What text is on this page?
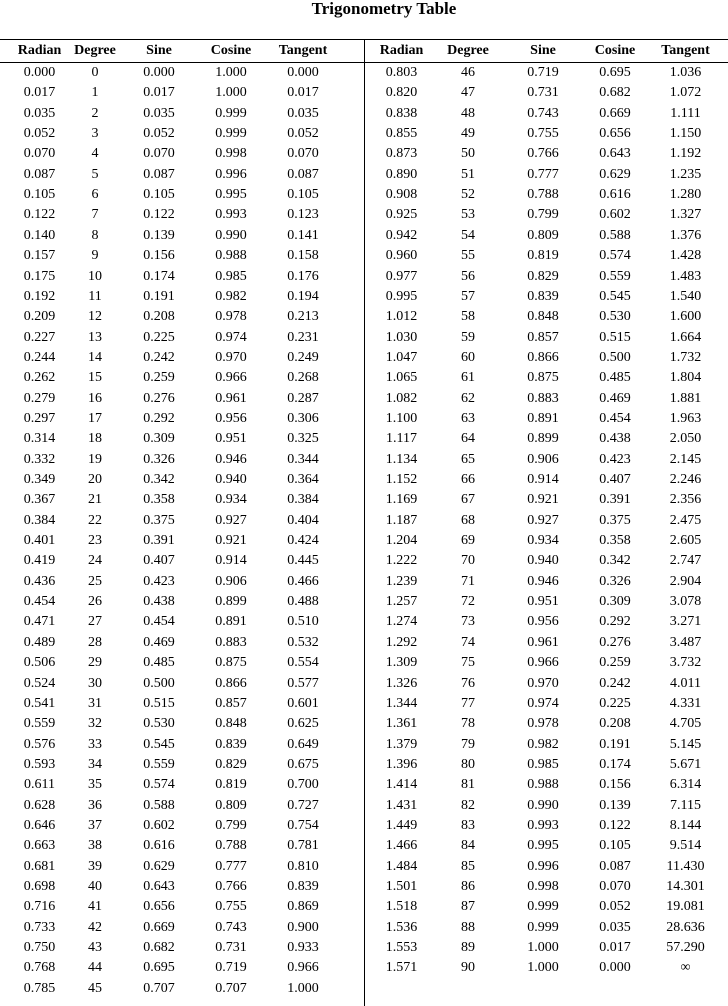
Trigonometry Table
Radian Degree	Sine	Cosine	Tangent	Radian	Degree	Sine	Cosine	Tangent
0.000	0	0.000	1.000	0.000
0.017	1	0.017	1.000	0.017
0.035	2	0.035	0.999	0.035
0.052	3	0.052	0.999	0.052
0.070	4	0.070	0.998	0.070
0.087	5	0.087	0.996	0.087
0.105	6	0.105	0.995	0.105
0.122	7	0.122	0.993	0.123
0.140	8	0.139	0.990	0.141
0.157	9	0.156	0.988	0.158
0.175	10	0.174	0.985	0.176
0.192	11	0.191	0.982	0.194
0.209	12	0.208	0.978	0.213
0.227	13	0.225	0.974	0.231
0.244	14	0.242	0.970	0.249
0.262	15	0.259	0.966	0.268
0.279	16	0.276	0.961	0.287
0.297	17	0.292	0.956	0.306
0.314	18	0.309	0.951	0.325
0.332	19	0.326	0.946	0.344
0.349	20	0.342	0.940	0.364
0.367	21	0.358	0.934	0.384
0.384	22	0.375	0.927	0.404
0.401	23	0.391	0.921	0.424
0.419	24	0.407	0.914	0.445
0.436	25	0.423	0.906	0.466
0.454	26	0.438	0.899	0.488
0.471	27	0.454	0.891	0.510
0.489	28	0.469	0.883	0.532
0.506	29	0.485	0.875	0.554
0.524	30	0.500	0.866	0.577
0.541	31	0.515	0.857	0.601
0.559	32	0.530	0.848	0.625
0.576	33	0.545	0.839	0.649
0.593	34	0.559	0.829	0.675
0.611	35	0.574	0.819	0.700
0.628	36	0.588	0.809	0.727
0.646	37	0.602	0.799	0.754
0.663	38	0.616	0.788	0.781
0.681	39	0.629	0.777	0.810
0.698	40	0.643	0.766	0.839
0.716	41	0.656	0.755	0.869
0.733	42	0.669	0.743	0.900
0.750	43	0.682	0.731	0.933
0.768	44	0.695	0.719	0.966
0.785	45	0.707	0.707	1.000
0.803	46	0.719	0.695	1.036
0.820	47	0.731	0.682	1.072
0.838	48	0.743	0.669	1.111
0.855	49	0.755	0.656	1.150
0.873	50	0.766	0.643	1.192
0.890	51	0.777	0.629	1.235
0.908	52	0.788	0.616	1.280
0.925	53	0.799	0.602	1.327
0.942	54	0.809	0.588	1.376
0.960	55	0.819	0.574	1.428
0.977	56	0.829	0.559	1.483
0.995	57	0.839	0.545	1.540
1.012	58	0.848	0.530	1.600
1.030	59	0.857	0.515	1.664
1.047	60	0.866	0.500	1.732
1.065	61	0.875	0.485	1.804
1.082	62	0.883	0.469	1.881
1.100	63	0.891	0.454	1.963
1.117	64	0.899	0.438	2.050
1.134	65	0.906	0.423	2.145
1.152	66	0.914	0.407	2.246
1.169	67	0.921	0.391	2.356
1.187	68	0.927	0.375	2.475
1.204	69	0.934	0.358	2.605
1.222	70	0.940	0.342	2.747
1.239	71	0.946	0.326	2.904
1.257	72	0.951	0.309	3.078
1.274	73	0.956	0.292	3.271
1.292	74	0.961	0.276	3.487
1.309	75	0.966	0.259	3.732
1.326	76	0.970	0.242	4.011
1.344	77	0.974	0.225	4.331
1.361	78	0.978	0.208	4.705
1.379	79	0.982	0.191	5.145
1.396	80	0.985	0.174	5.671
1.414	81	0.988	0.156	6.314
1.431	82	0.990	0.139	7.115
1.449	83	0.993	0.122	8.144
1.466	84	0.995	0.105	9.514
1.484	85	0.996	0.087	11.430
1.501	86	0.998	0.070	14.301
1.518	87	0.999	0.052	19.081
1.536	88	0.999	0.035	28.636
1.553	89	1.000	0.017	57.290
1.571	90	1.000	0.000	∞
